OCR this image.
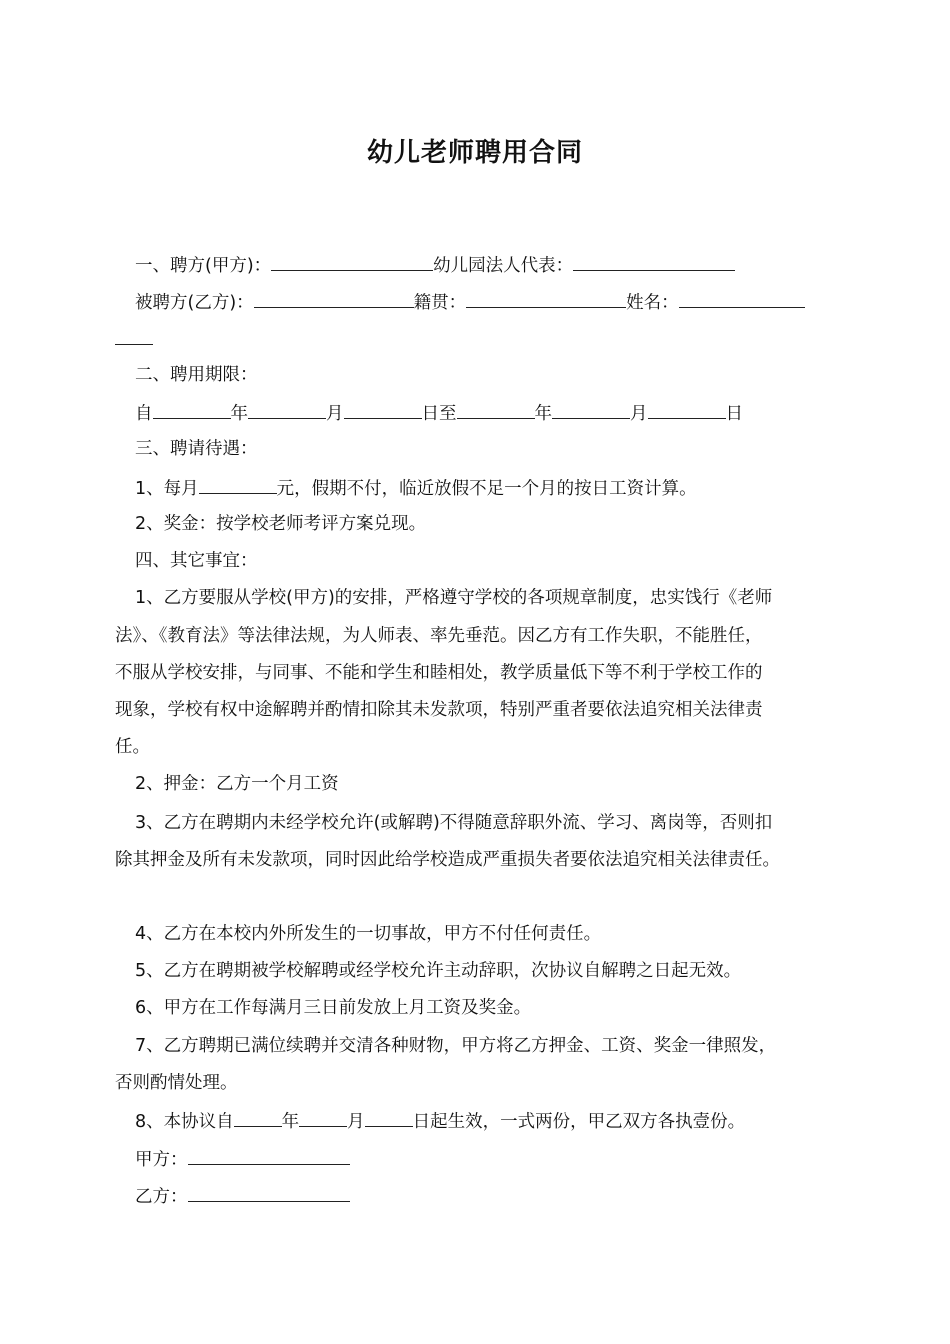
幼儿老师聘用合同
一、聘方(甲方)：	幼儿园法人代表：
被聘方(乙方)：	籍贯：	姓名：
二、聘用期限：
自	年	月	日至	年	月	日
三、聘请待遇：
1、每月	元，假期不付，临近放假不足一个月的按日工资计算。
2、奖金：按学校老师考评方案兑现。
四、其它事宜：
1、乙方要服从学校(甲方)的安排，严格遵守学校的各项规章制度，忠实饯行《老师
法》、《教育法》等法律法规，为人师表、率先垂范。因乙方有工作失职，不能胜任，
不服从学校安排，与同事、不能和学生和睦相处，教学质量低下等不利于学校工作的
现象，学校有权中途解聘并酌情扣除其未发款项，特别严重者要依法追究相关法律责
任。
2、押金：乙方一个月工资
3、乙方在聘期内未经学校允许(或解聘)不得随意辞职外流、学习、离岗等，否则扣
除其押金及所有未发款项，同时因此给学校造成严重损失者要依法追究相关法律责任。
4、乙方在本校内外所发生的一切事故，甲方不付任何责任。
5、乙方在聘期被学校解聘或经学校允许主动辞职，次协议自解聘之日起无效。
6、甲方在工作每满月三日前发放上月工资及奖金。
7、乙方聘期已满位续聘并交清各种财物，甲方将乙方押金、工资、奖金一律照发，
否则酌情处理。
8、本协议自	年	月	日起生效，一式两份，甲乙双方各执壹份。
甲方：
乙方：
